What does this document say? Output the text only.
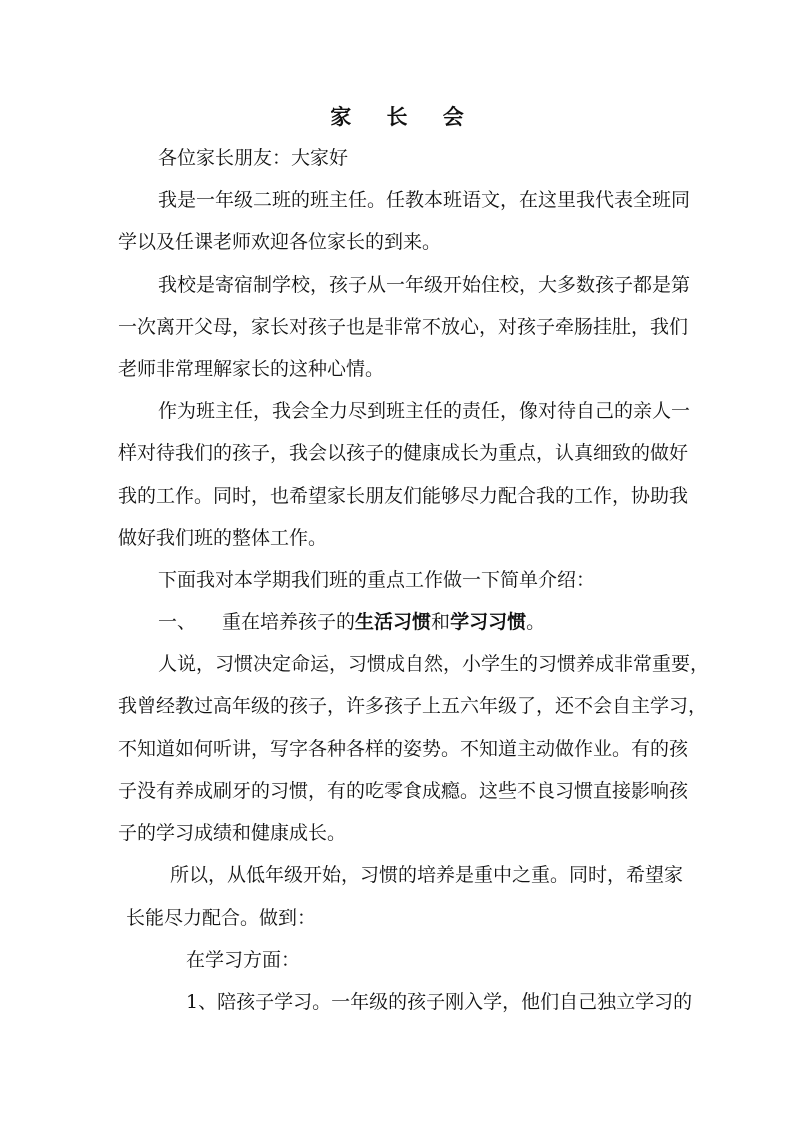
家 长 会
各位家长朋友：大家好
我是一年级二班的班主任。任教本班语文，在这里我代表全班同
学以及任课老师欢迎各位家长的到来。
我校是寄宿制学校，孩子从一年级开始住校，大多数孩子都是第
一次离开父母，家长对孩子也是非常不放心，对孩子牵肠挂肚，我们
老师非常理解家长的这种心情。
作为班主任，我会全力尽到班主任的责任，像对待自己的亲人一
样对待我们的孩子，我会以孩子的健康成长为重点，认真细致的做好
我的工作。同时，也希望家长朋友们能够尽力配合我的工作，协助我
做好我们班的整体工作。
下面我对本学期我们班的重点工作做一下简单介绍：
一、 重在培养孩子的生活习惯和学习习惯。
人说，习惯决定命运，习惯成自然，小学生的习惯养成非常重要，
我曾经教过高年级的孩子，许多孩子上五六年级了，还不会自主学习，
不知道如何听讲，写字各种各样的姿势。不知道主动做作业。有的孩
子没有养成刷牙的习惯，有的吃零食成瘾。这些不良习惯直接影响孩
子的学习成绩和健康成长。
所以，从低年级开始，习惯的培养是重中之重。同时，希望家
长能尽力配合。做到：
在学习方面：
1、陪孩子学习。一年级的孩子刚入学，他们自己独立学习的
